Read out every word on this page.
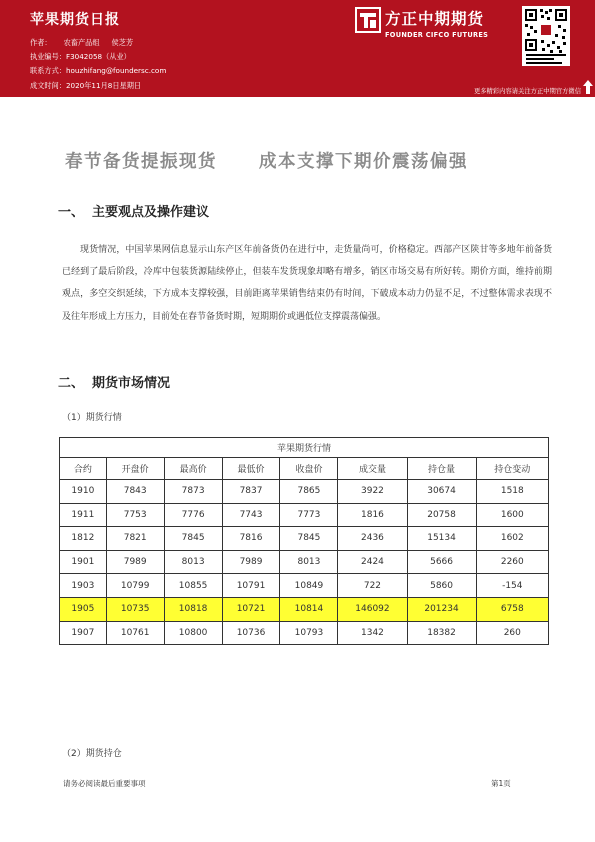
苹果期货日报
作者： 农畜产品组 侯芝芳
执业编号：F3042058（从业）
联系方式：houzhifang@foundersc.com
成文时间：2020年11月8日星期日
方正中期期货
FOUNDER CIFCO FUTURES
更多精彩内容请关注方正中期官方微信
春节备货提振现货 成本支撑下期价震荡偏强
一、 主要观点及操作建议
现货情况，中国苹果网信息显示山东产区年前备货仍在进行中，走货量尚可，价格稳定。西部产区陕甘等多地年前备货已经到了最后阶段，冷库中包装货源陆续停止，但装车发货现象却略有增多，销区市场交易有所好转。期价方面，维持前期观点，多空交织延续，下方成本支撑较强，目前距离苹果销售结束仍有时间，下破成本动力仍显不足，不过整体需求表现不及往年形成上方压力，目前处在春节备货时期，短期期价或遇低位支撑震荡偏强。
二、 期货市场情况
（1）期货行情
苹果期货行情							
合约	开盘价	最高价	最低价	收盘价	成交量	持仓量	持仓变动
1910	7843	7873	7837	7865	3922	30674	1518
1911	7753	7776	7743	7773	1816	20758	1600
1812	7821	7845	7816	7845	2436	15134	1602
1901	7989	8013	7989	8013	2424	5666	2260
1903	10799	10855	10791	10849	722	5860	-154
1905	10735	10818	10721	10814	146092	201234	6758
1907	10761	10800	10736	10793	1342	18382	260
（2）期货持仓
请务必阅读最后重要事项	第1页
